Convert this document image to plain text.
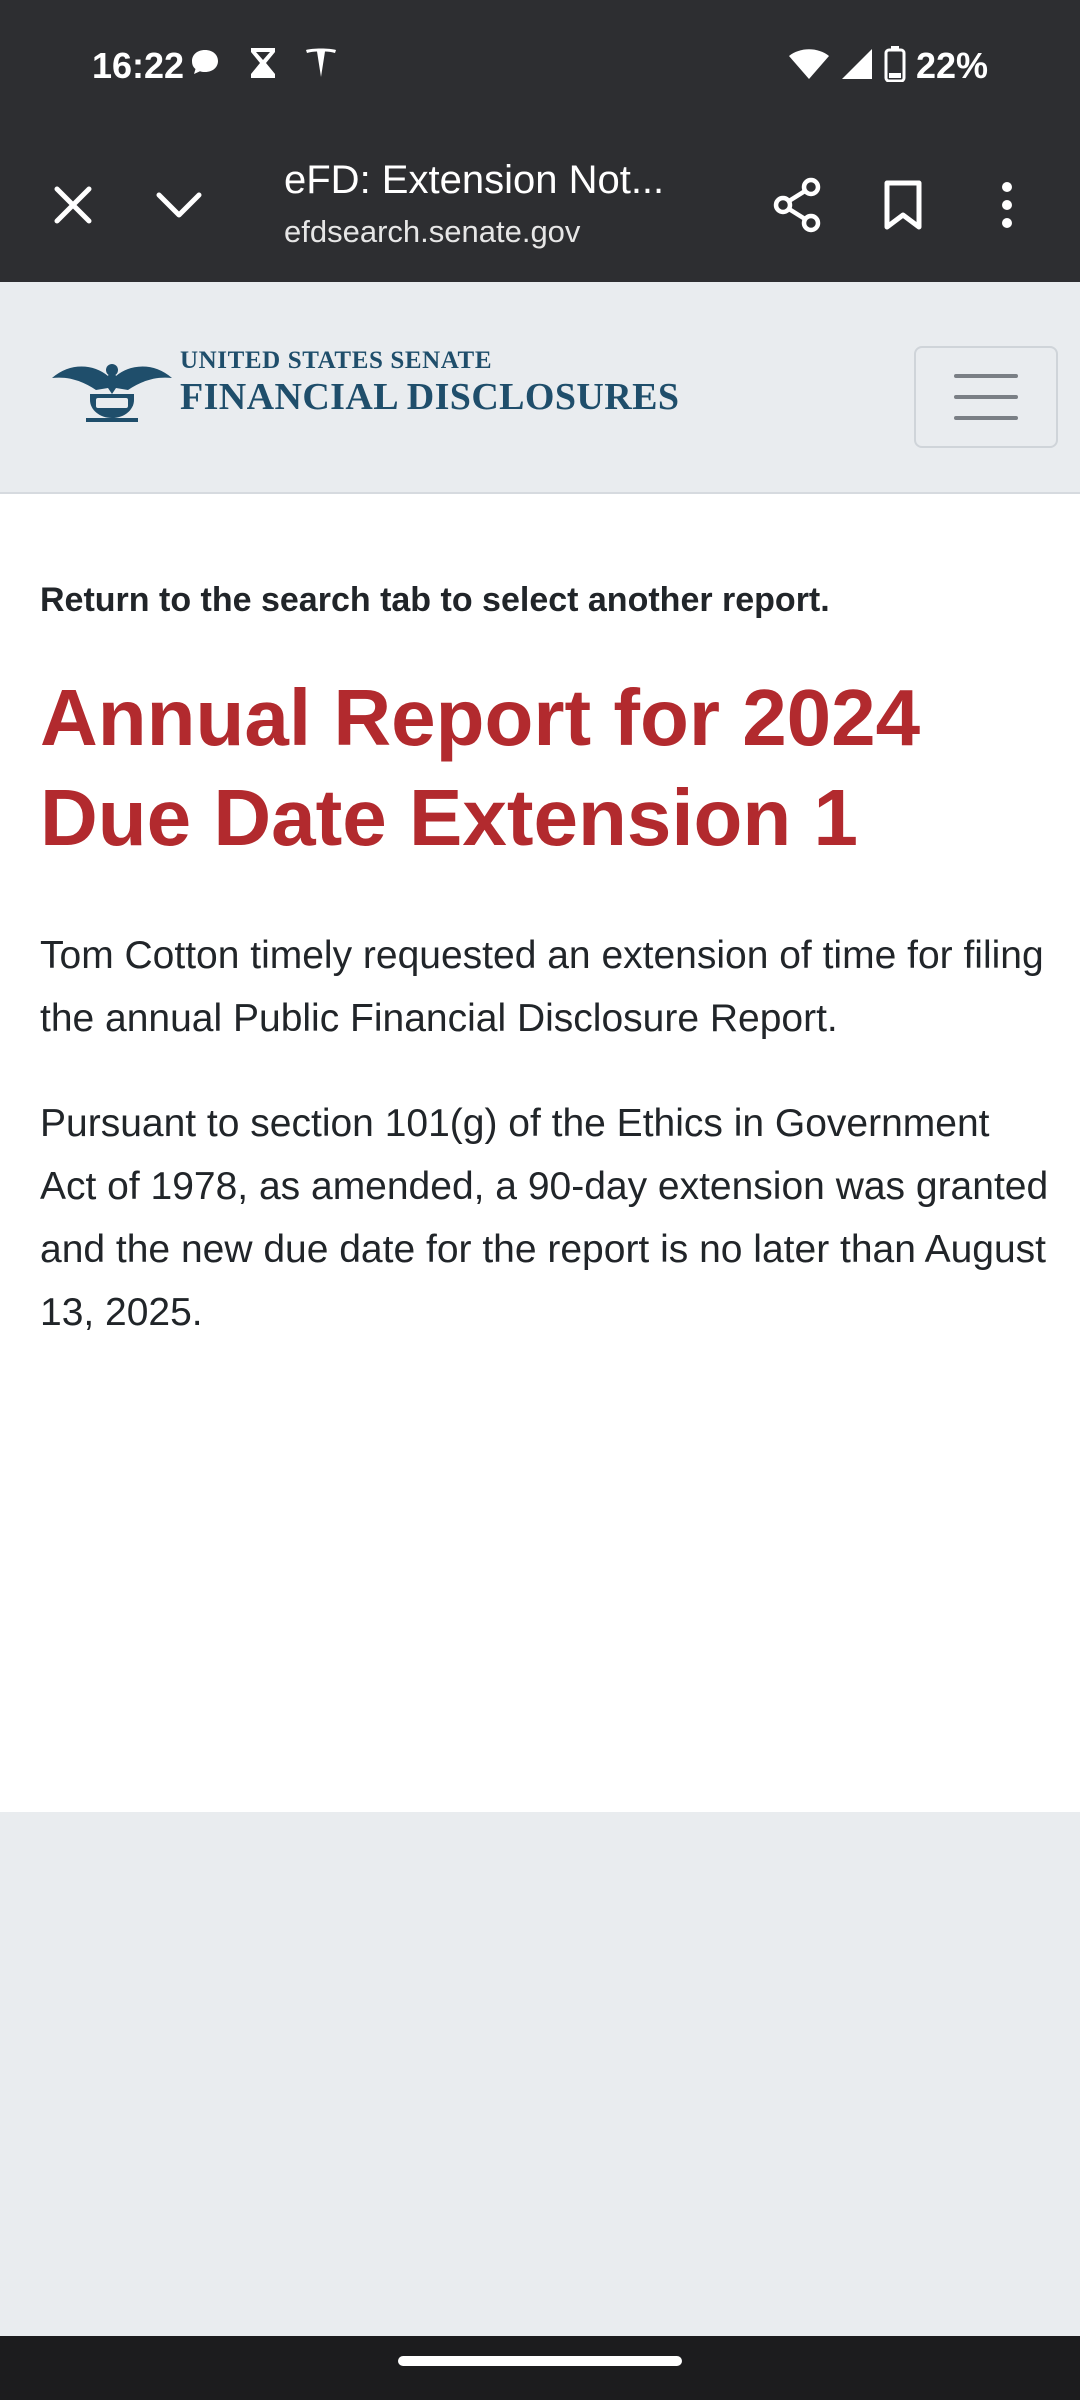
16:22	22%
eFD: Extension Not...
efdsearch.senate.gov
UNITED STATES SENATE
FINANCIAL DISCLOSURES
Return to the search tab to select another report.
Annual Report for 2024 Due Date Extension 1

Tom Cotton timely requested an extension of time for filing the annual Public Financial Disclosure Report.

Pursuant to section 101(g) of the Ethics in Government Act of 1978, as amended, a 90-day extension was granted and the new due date for the report is no later than August 13, 2025.
